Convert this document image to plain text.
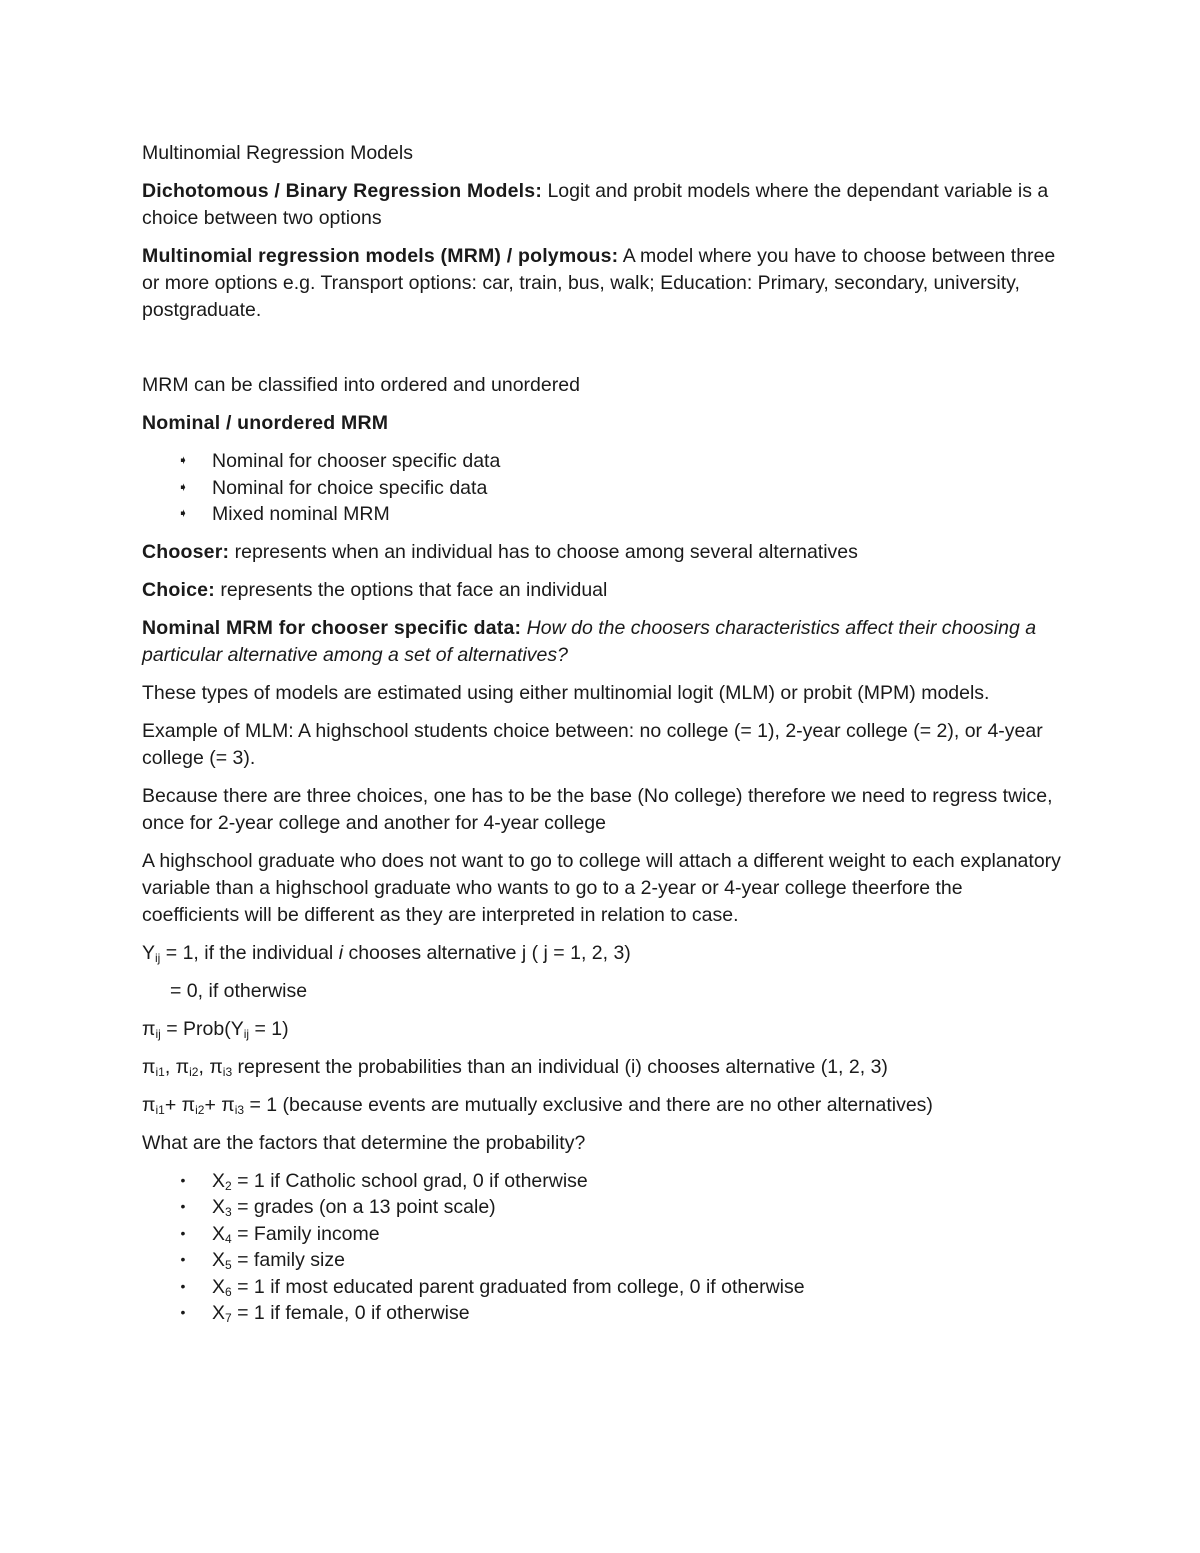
Multinomial Regression Models

Dichotomous / Binary Regression Models: Logit and probit models where the dependant variable is a choice between two options

Multinomial regression models (MRM) / polymous: A model where you have to choose between three or more options e.g. Transport options: car, train, bus, walk; Education: Primary, secondary, university, postgraduate.

MRM can be classified into ordered and unordered

Nominal / unordered MRM

➧ Nominal for chooser specific data
➧ Nominal for choice specific data
➧ Mixed nominal MRM

Chooser: represents when an individual has to choose among several alternatives

Choice: represents the options that face an individual

Nominal MRM for chooser specific data: How do the choosers characteristics affect their choosing a particular alternative among a set of alternatives?

These types of models are estimated using either multinomial logit (MLM) or probit (MPM) models.

Example of MLM: A highschool students choice between: no college (= 1), 2-year college (= 2), or 4-year college (= 3).

Because there are three choices, one has to be the base (No college) therefore we need to regress twice, once for 2-year college and another for 4-year college

A highschool graduate who does not want to go to college will attach a different weight to each explanatory variable than a highschool graduate who wants to go to a 2-year or 4-year college theerfore the coefficients will be different as they are interpreted in relation to case.

$Y_{ij} = 1$, if the individual i chooses alternative j ( j = 1, 2, 3)

= 0, if otherwise

$\pi_{ij}$ = $Prob(Y_{ij} = 1)$

$\pi_{i1}$, $\pi_{i2}$, $\pi_{i3}$ represent the probabilities than an individual (i) chooses alternative (1, 2, 3)

$\pi_{i1}+ \pi_{i2}+ \pi_{i3} = 1$ (because events are mutually exclusive and there are no other alternatives)

What are the factors that determine the probability?

• $X_2 = 1$ if Catholic school grad, 0 if otherwise
• $X_3$ = grades (on a 13 point scale)
• $X_4$ = Family income
• $X_5$ = family size
• $X_6 = 1$ if most educated parent graduated from college, 0 if otherwise
• $X_7 = 1$ if female, 0 if otherwise
